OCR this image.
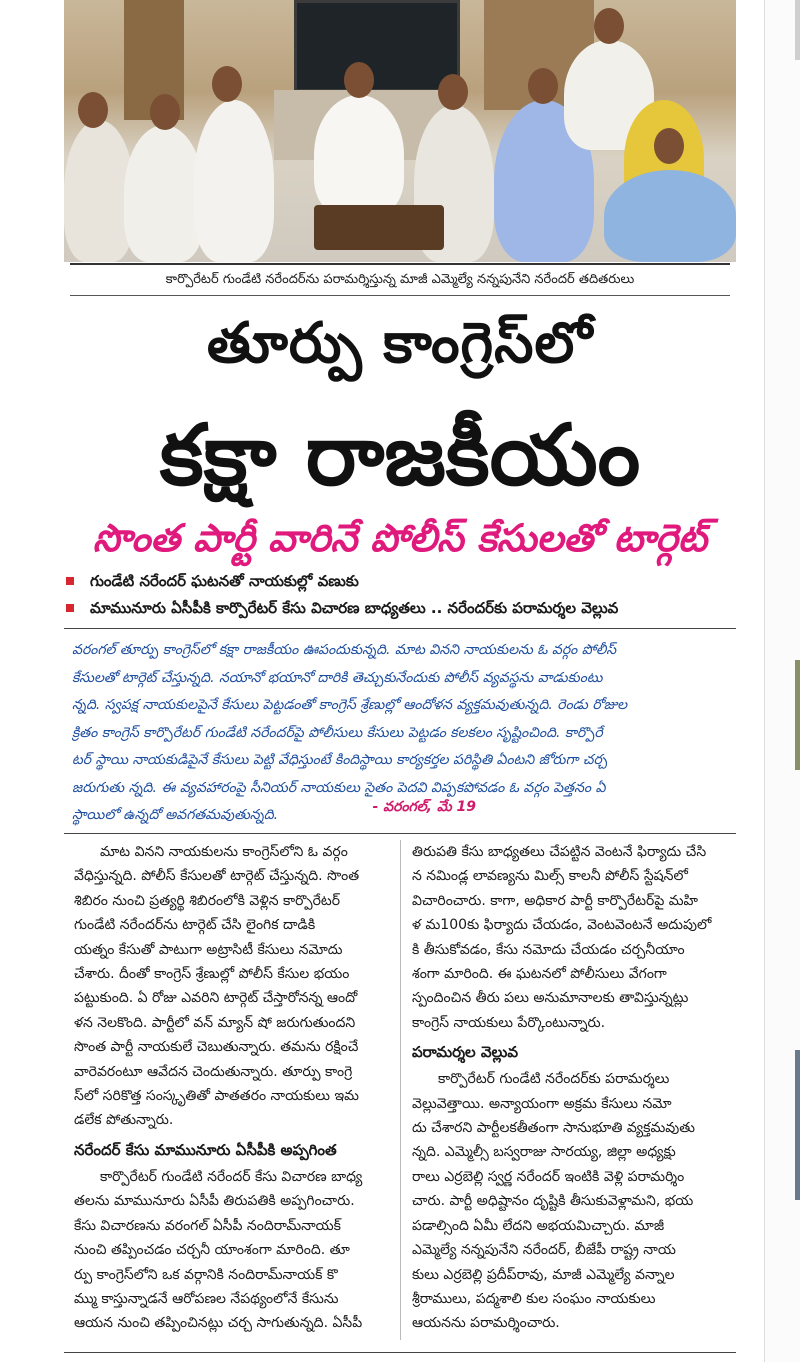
కార్పొరేటర్ గుండేటి నరేందర్‌ను పరామర్శిస్తున్న మాజీ ఎమ్మెల్యే నన్నపునేని నరేందర్ తదితరులు
తూర్పు కాంగ్రెస్‌లో
కక్షా రాజకీయం
సొంత పార్టీ వారినే పోలీస్ కేసులతో టార్గెట్
గుండేటి నరేందర్ ఘటనతో నాయకుల్లో వణుకు
మామునూరు ఏసీపీకి కార్పొరేటర్ కేసు విచారణ బాధ్యతలు .. నరేందర్‌కు పరామర్శల వెల్లువ
వరంగల్ తూర్పు కాంగ్రెస్‌లో కక్షా రాజకీయం ఊపందుకున్నది. మాట వినని నాయకులను ఓ వర్గం పోలీస్
కేసులతో టార్గెట్ చేస్తున్నది. నయానో భయానో దారికి తెచ్చుకునేందుకు పోలీస్ వ్యవస్థను వాడుకుంటు
న్నది. స్వపక్ష నాయకులపైనే కేసులు పెట్టడంతో కాంగ్రెస్ శ్రేణుల్లో ఆందోళన వ్యక్తమవుతున్నది. రెండు రోజుల
క్రితం కాంగ్రెస్ కార్పొరేటర్ గుండేటి నరేందర్‌పై పోలీసులు కేసులు పెట్టడం కలకలం సృష్టించింది. కార్పొరే
టర్ స్థాయి నాయకుడిపైనే కేసులు పెట్టి వేధిస్తుంటే కిందిస్థాయి కార్యకర్తల పరిస్థితి ఏంటని జోరుగా చర్చ
జరుగుతు న్నది. ఈ వ్యవహారంపై సీనియర్ నాయకులు సైతం పెదవి విప్పకపోవడం ఓ వర్గం పెత్తనం ఏ
స్థాయిలో ఉన్నదో అవగతమవుతున్నది.
- వరంగల్, మే 19
మాట వినని నాయకులను కాంగ్రెస్‌లోని ఓ వర్గం
వేధిస్తున్నది. పోలీస్ కేసులతో టార్గెట్ చేస్తున్నది. సొంత
శిబిరం నుంచి ప్రత్యర్థి శిబిరంలోకి వెళ్లిన కార్పొరేటర్
గుండేటి నరేందర్‌ను టార్గెట్ చేసి లైంగిక దాడికి
యత్నం కేసుతో పాటుగా అట్రాసిటీ కేసులు నమోదు
చేశారు. దీంతో కాంగ్రెస్ శ్రేణుల్లో పోలీస్ కేసుల భయం
పట్టుకుంది. ఏ రోజు ఎవరిని టార్గెట్ చేస్తారోనన్న ఆందో
ళన నెలకొంది. పార్టీలో వన్ మ్యాన్ షో జరుగుతుందని
సొంత పార్టీ నాయకులే చెబుతున్నారు. తమను రక్షించే
వారెవరంటూ ఆవేదన చెందుతున్నారు. తూర్పు కాంగ్రె
స్‌లో సరికొత్త సంస్కృతితో పాతతరం నాయకులు ఇమ
డలేక పోతున్నారు.
నరేందర్ కేసు మామునూరు ఏసీపీకి అప్పగింత
కార్పొరేటర్ గుండేటి నరేందర్ కేసు విచారణ బాధ్య
తలను మామునూరు ఏసీపీ తిరుపతికి అప్పగించారు.
కేసు విచారణను వరంగల్ ఏసీపీ నందిరామ్‌నాయక్
నుంచి తప్పించడం చర్చనీ యాంశంగా మారింది. తూ
ర్పు కాంగ్రెస్‌లోని ఒక వర్గానికి నందిరామ్‌నాయక్ కొ
మ్ము కాస్తున్నాడనే ఆరోపణల నేపథ్యంలోనే కేసును
ఆయన నుంచి తప్పించినట్లు చర్చ సాగుతున్నది. ఏసీపీ
తిరుపతి కేసు బాధ్యతలు చేపట్టిన వెంటనే ఫిర్యాదు చేసి
న నమిండ్ల లావణ్యను మిల్స్ కాలనీ పోలీస్ స్టేషన్‌లో
విచారించారు. కాగా, అధికార పార్టీ కార్పొరేటర్‌పై మహి
ళ మ100కు ఫిర్యాదు చేయడం, వెంటవెంటనే అదుపులో
కి తీసుకోవడం, కేసు నమోదు చేయడం చర్చనీయాం
శంగా మారింది. ఈ ఘటనలో పోలీసులు వేగంగా
స్పందించిన తీరు పలు అనుమానాలకు తావిస్తున్నట్లు
కాంగ్రెస్ నాయకులు పేర్కొంటున్నారు.
పరామర్శల వెల్లువ
కార్పొరేటర్ గుండేటి నరేందర్‌కు పరామర్శలు
వెల్లువెత్తాయి. అన్యాయంగా అక్రమ కేసులు నమో
దు చేశారని పార్టీలకతీతంగా సానుభూతి వ్యక్తమవుతు
న్నది. ఎమ్మెల్సీ బస్వరాజు సారయ్య, జిల్లా అధ్యక్షు
రాలు ఎర్రబెల్లి స్వర్ణ నరేందర్ ఇంటికి వెళ్లి పరామర్శిం
చారు. పార్టీ అధిష్టానం దృష్టికి తీసుకువెళ్లామని, భయ
పడాల్సింది ఏమీ లేదని అభయమిచ్చారు. మాజీ
ఎమ్మెల్యే నన్నపునేని నరేందర్, బీజేపీ రాష్ట్ర నాయ
కులు ఎర్రబెల్లి ప్రదీప్‌రావు, మాజీ ఎమ్మెల్యే వన్నాల
శ్రీరాములు, పద్మశాలి కుల సంఘం నాయకులు
ఆయనను పరామర్శించారు.
